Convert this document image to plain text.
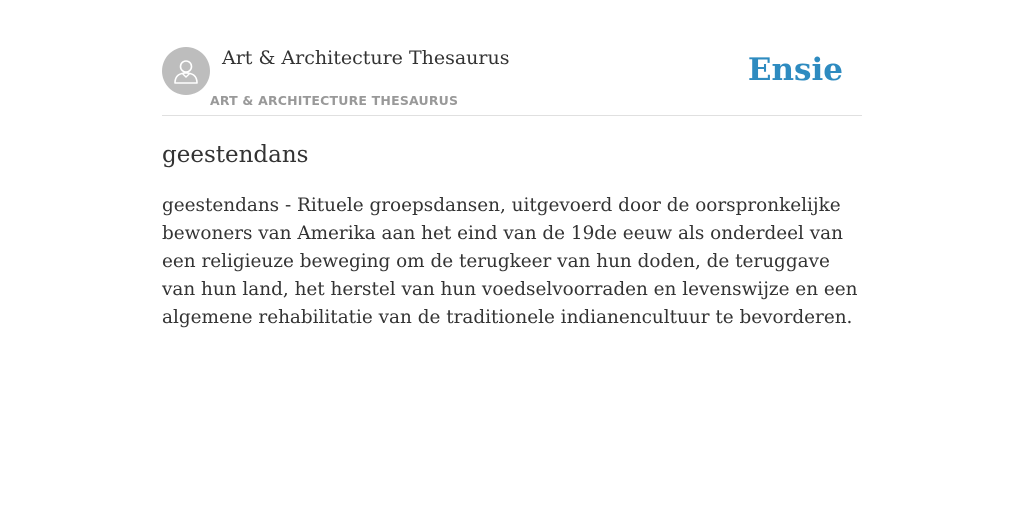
Art & Architecture Thesaurus
ART & ARCHITECTURE THESAURUS
Ensie
geestendans

geestendans - Rituele groepsdansen, uitgevoerd door de oorspronkelijke bewoners van Amerika aan het eind van de 19de eeuw als onderdeel van een religieuze beweging om de terugkeer van hun doden, de teruggave van hun land, het herstel van hun voedselvoorraden en levenswijze en een algemene rehabilitatie van de traditionele indianencultuur te bevorderen.
